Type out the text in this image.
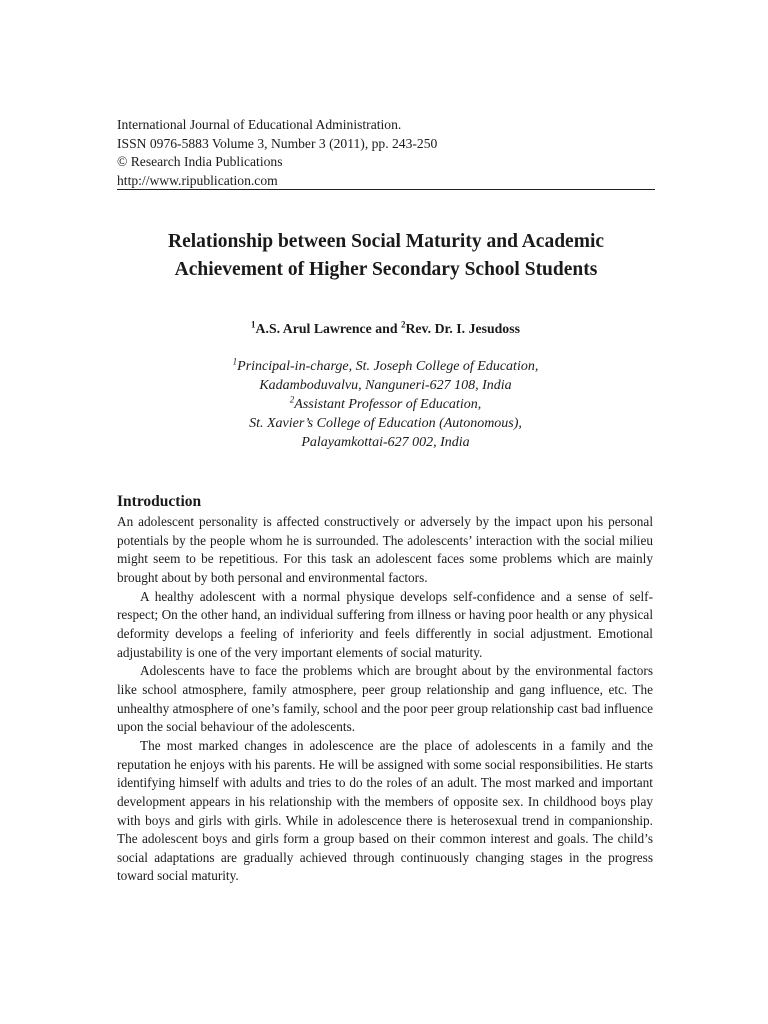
International Journal of Educational Administration.
ISSN 0976-5883 Volume 3, Number 3 (2011), pp. 243-250
© Research India Publications
http://www.ripublication.com
Relationship between Social Maturity and Academic
Achievement of Higher Secondary School Students
$^1$A.S. Arul Lawrence and $^2$Rev. Dr. I. Jesudoss
$^1$Principal-in-charge, St. Joseph College of Education,
Kadamboduvalvu, Nanguneri-627 108, India
$^2$Assistant Professor of Education,
St. Xavier’s College of Education (Autonomous),
Palayamkottai-627 002, India
Introduction

An adolescent personality is affected constructively or adversely by the impact upon his personal potentials by the people whom he is surrounded. The adolescents’ interaction with the social milieu might seem to be repetitious. For this task an adolescent faces some problems which are mainly brought about by both personal and environmental factors.

A healthy adolescent with a normal physique develops self-confidence and a sense of self-respect; On the other hand, an individual suffering from illness or having poor health or any physical deformity develops a feeling of inferiority and feels differently in social adjustment. Emotional adjustability is one of the very important elements of social maturity.

Adolescents have to face the problems which are brought about by the environmental factors like school atmosphere, family atmosphere, peer group relationship and gang influence, etc. The unhealthy atmosphere of one’s family, school and the poor peer group relationship cast bad influence upon the social behaviour of the adolescents.

The most marked changes in adolescence are the place of adolescents in a family and the reputation he enjoys with his parents. He will be assigned with some social responsibilities. He starts identifying himself with adults and tries to do the roles of an adult. The most marked and important development appears in his relationship with the members of opposite sex. In childhood boys play with boys and girls with girls. While in adolescence there is heterosexual trend in companionship. The adolescent boys and girls form a group based on their common interest and goals. The child’s social adaptations are gradually achieved through continuously changing stages in the progress toward social maturity.
